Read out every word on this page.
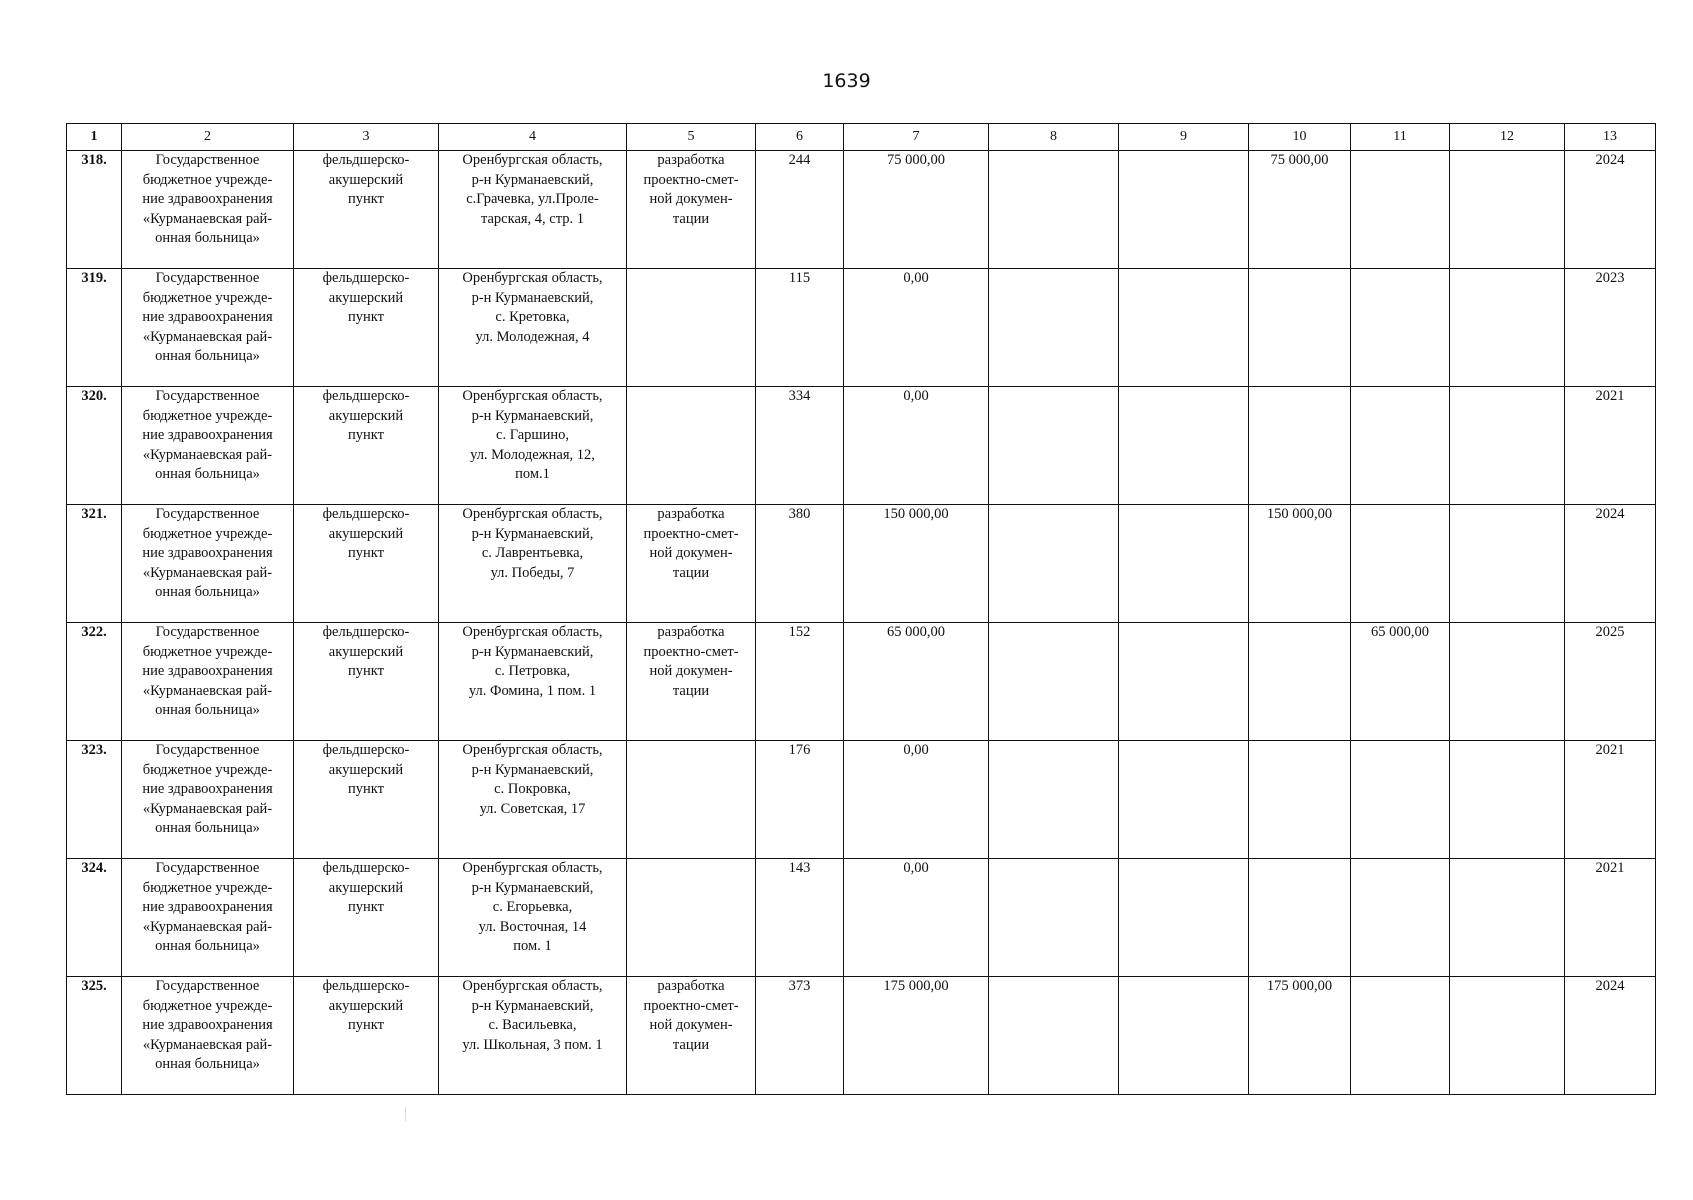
1639
1	2	3	4	5	6	7	8	9	10	11	12	13
318.	Государственное
бюджетное учрежде-
ние здравоохранения
«Курманаевская рай-
онная больница»	фельдшерско-
акушерский
пункт	Оренбургская область,
р-н Курманаевский,
с.Грачевка, ул.Проле-
тарская, 4, стр. 1	разработка
проектно-смет-
ной докумен-
тации	244	75 000,00			75 000,00			2024
319.	Государственное
бюджетное учрежде-
ние здравоохранения
«Курманаевская рай-
онная больница»	фельдшерско-
акушерский
пункт	Оренбургская область,
р-н Курманаевский,
с. Кретовка,
ул. Молодежная, 4		115	0,00						2023
320.	Государственное
бюджетное учрежде-
ние здравоохранения
«Курманаевская рай-
онная больница»	фельдшерско-
акушерский
пункт	Оренбургская область,
р-н Курманаевский,
с. Гаршино,
ул. Молодежная, 12,
пом.1		334	0,00						2021
321.	Государственное
бюджетное учрежде-
ние здравоохранения
«Курманаевская рай-
онная больница»	фельдшерско-
акушерский
пункт	Оренбургская область,
р-н Курманаевский,
с. Лаврентьевка,
ул. Победы, 7	разработка
проектно-смет-
ной докумен-
тации	380	150 000,00			150 000,00			2024
322.	Государственное
бюджетное учрежде-
ние здравоохранения
«Курманаевская рай-
онная больница»	фельдшерско-
акушерский
пункт	Оренбургская область,
р-н Курманаевский,
с. Петровка,
ул. Фомина, 1 пом. 1	разработка
проектно-смет-
ной докумен-
тации	152	65 000,00				65 000,00		2025
323.	Государственное
бюджетное учрежде-
ние здравоохранения
«Курманаевская рай-
онная больница»	фельдшерско-
акушерский
пункт	Оренбургская область,
р-н Курманаевский,
с. Покровка,
ул. Советская, 17		176	0,00						2021
324.	Государственное
бюджетное учрежде-
ние здравоохранения
«Курманаевская рай-
онная больница»	фельдшерско-
акушерский
пункт	Оренбургская область,
р-н Курманаевский,
с. Егорьевка,
ул. Восточная, 14
пом. 1		143	0,00						2021
325.	Государственное
бюджетное учрежде-
ние здравоохранения
«Курманаевская рай-
онная больница»	фельдшерско-
акушерский
пункт	Оренбургская область,
р-н Курманаевский,
с. Васильевка,
ул. Школьная, 3 пом. 1	разработка
проектно-смет-
ной докумен-
тации	373	175 000,00			175 000,00			2024
